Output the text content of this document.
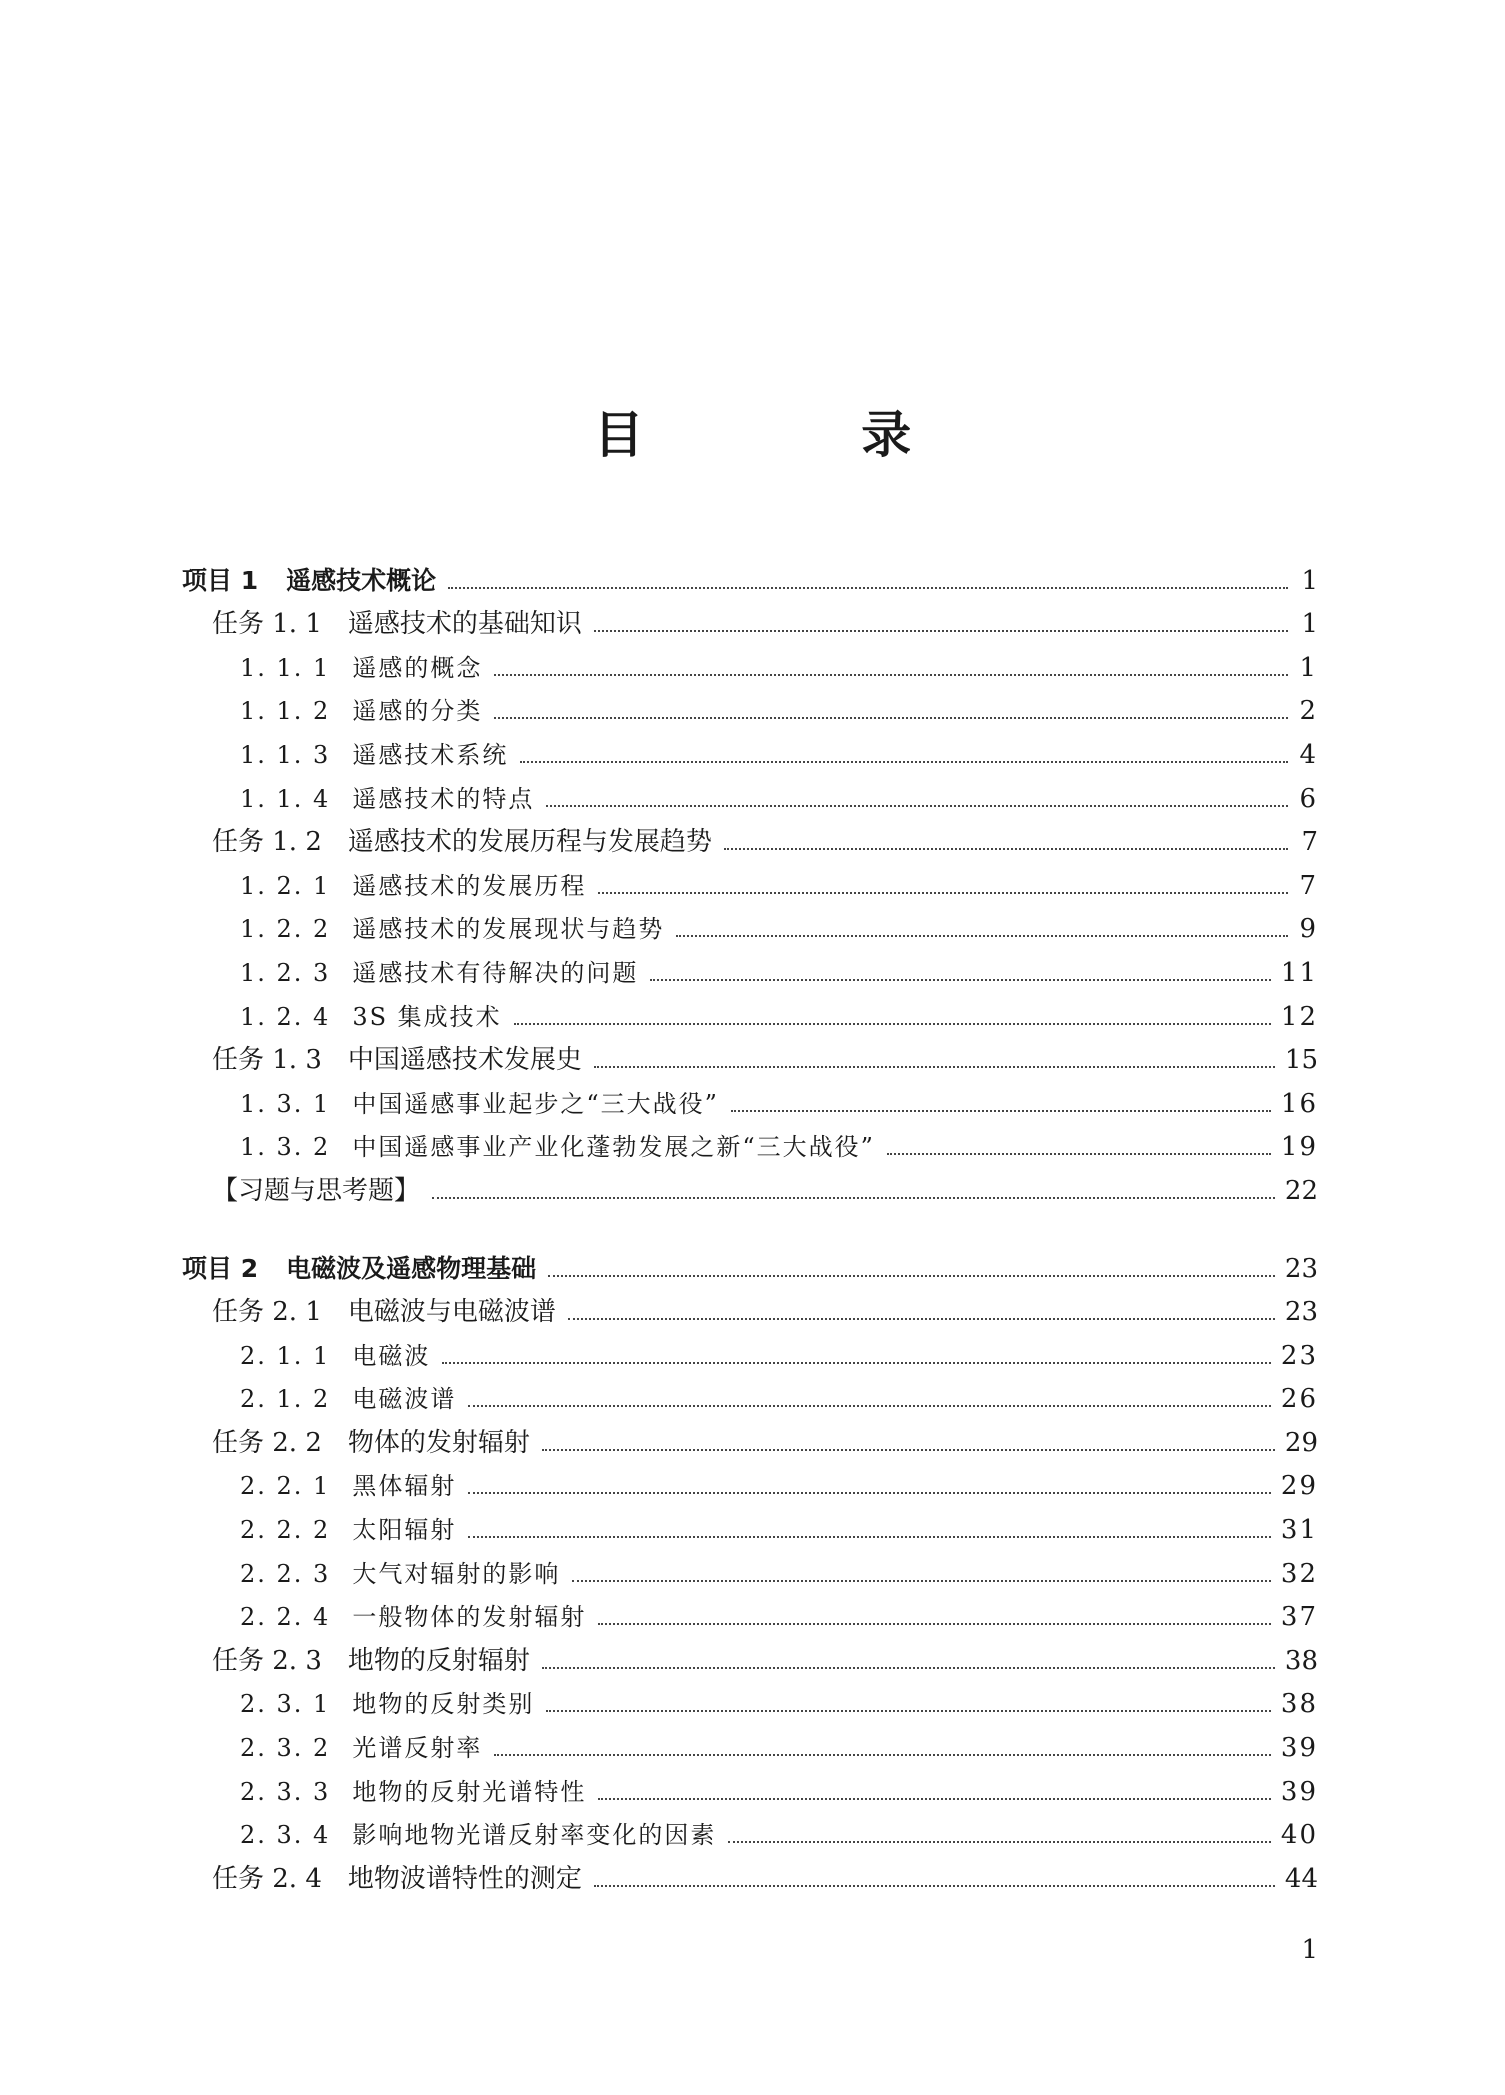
目 录
项目 1 遥感技术概论	1
任务 1. 1 遥感技术的基础知识	1
1. 1. 1 遥感的概念	1
1. 1. 2 遥感的分类	2
1. 1. 3 遥感技术系统	4
1. 1. 4 遥感技术的特点	6
任务 1. 2 遥感技术的发展历程与发展趋势	7
1. 2. 1 遥感技术的发展历程	7
1. 2. 2 遥感技术的发展现状与趋势	9
1. 2. 3 遥感技术有待解决的问题	11
1. 2. 4 3S 集成技术	12
任务 1. 3 中国遥感技术发展史	15
1. 3. 1 中国遥感事业起步之“三大战役”	16
1. 3. 2 中国遥感事业产业化蓬勃发展之新“三大战役”	19
【习题与思考题】	22
项目 2 电磁波及遥感物理基础	23
任务 2. 1 电磁波与电磁波谱	23
2. 1. 1 电磁波	23
2. 1. 2 电磁波谱	26
任务 2. 2 物体的发射辐射	29
2. 2. 1 黑体辐射	29
2. 2. 2 太阳辐射	31
2. 2. 3 大气对辐射的影响	32
2. 2. 4 一般物体的发射辐射	37
任务 2. 3 地物的反射辐射	38
2. 3. 1 地物的反射类别	38
2. 3. 2 光谱反射率	39
2. 3. 3 地物的反射光谱特性	39
2. 3. 4 影响地物光谱反射率变化的因素	40
任务 2. 4 地物波谱特性的测定	44
1
